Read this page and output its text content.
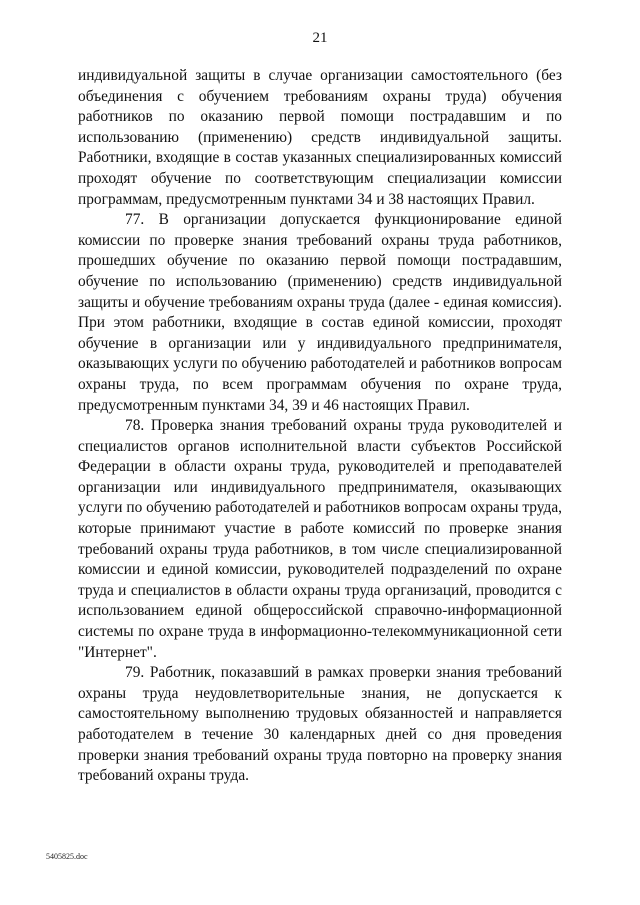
21

индивидуальной защиты в случае организации самостоятельного (без объединения с обучением требованиям охраны труда) обучения работников по оказанию первой помощи пострадавшим и по использованию (применению) средств индивидуальной защиты. Работники, входящие в состав указанных специализированных комиссий проходят обучение по соответствующим специализации комиссии программам, предусмотренным пунктами 34 и 38 настоящих Правил.

77. В организации допускается функционирование единой комиссии по проверке знания требований охраны труда работников, прошедших обучение по оказанию первой помощи пострадавшим, обучение по использованию (применению) средств индивидуальной защиты и обучение требованиям охраны труда (далее - единая комиссия). При этом работники, входящие в состав единой комиссии, проходят обучение в организации или у индивидуального предпринимателя, оказывающих услуги по обучению работодателей и работников вопросам охраны труда, по всем программам обучения по охране труда, предусмотренным пунктами 34, 39 и 46 настоящих Правил.

78. Проверка знания требований охраны труда руководителей и специалистов органов исполнительной власти субъектов Российской Федерации в области охраны труда, руководителей и преподавателей организации или индивидуального предпринимателя, оказывающих услуги по обучению работодателей и работников вопросам охраны труда, которые принимают участие в работе комиссий по проверке знания требований охраны труда работников, в том числе специализированной комиссии и единой комиссии, руководителей подразделений по охране труда и специалистов в области охраны труда организаций, проводится с использованием единой общероссийской справочно-информационной системы по охране труда в информационно-телекоммуникационной сети "Интернет".

79. Работник, показавший в рамках проверки знания требований охраны труда неудовлетворительные знания, не допускается к самостоятельному выполнению трудовых обязанностей и направляется работодателем в течение 30 календарных дней со дня проведения проверки знания требований охраны труда повторно на проверку знания требований охраны труда.

5405825.doc
